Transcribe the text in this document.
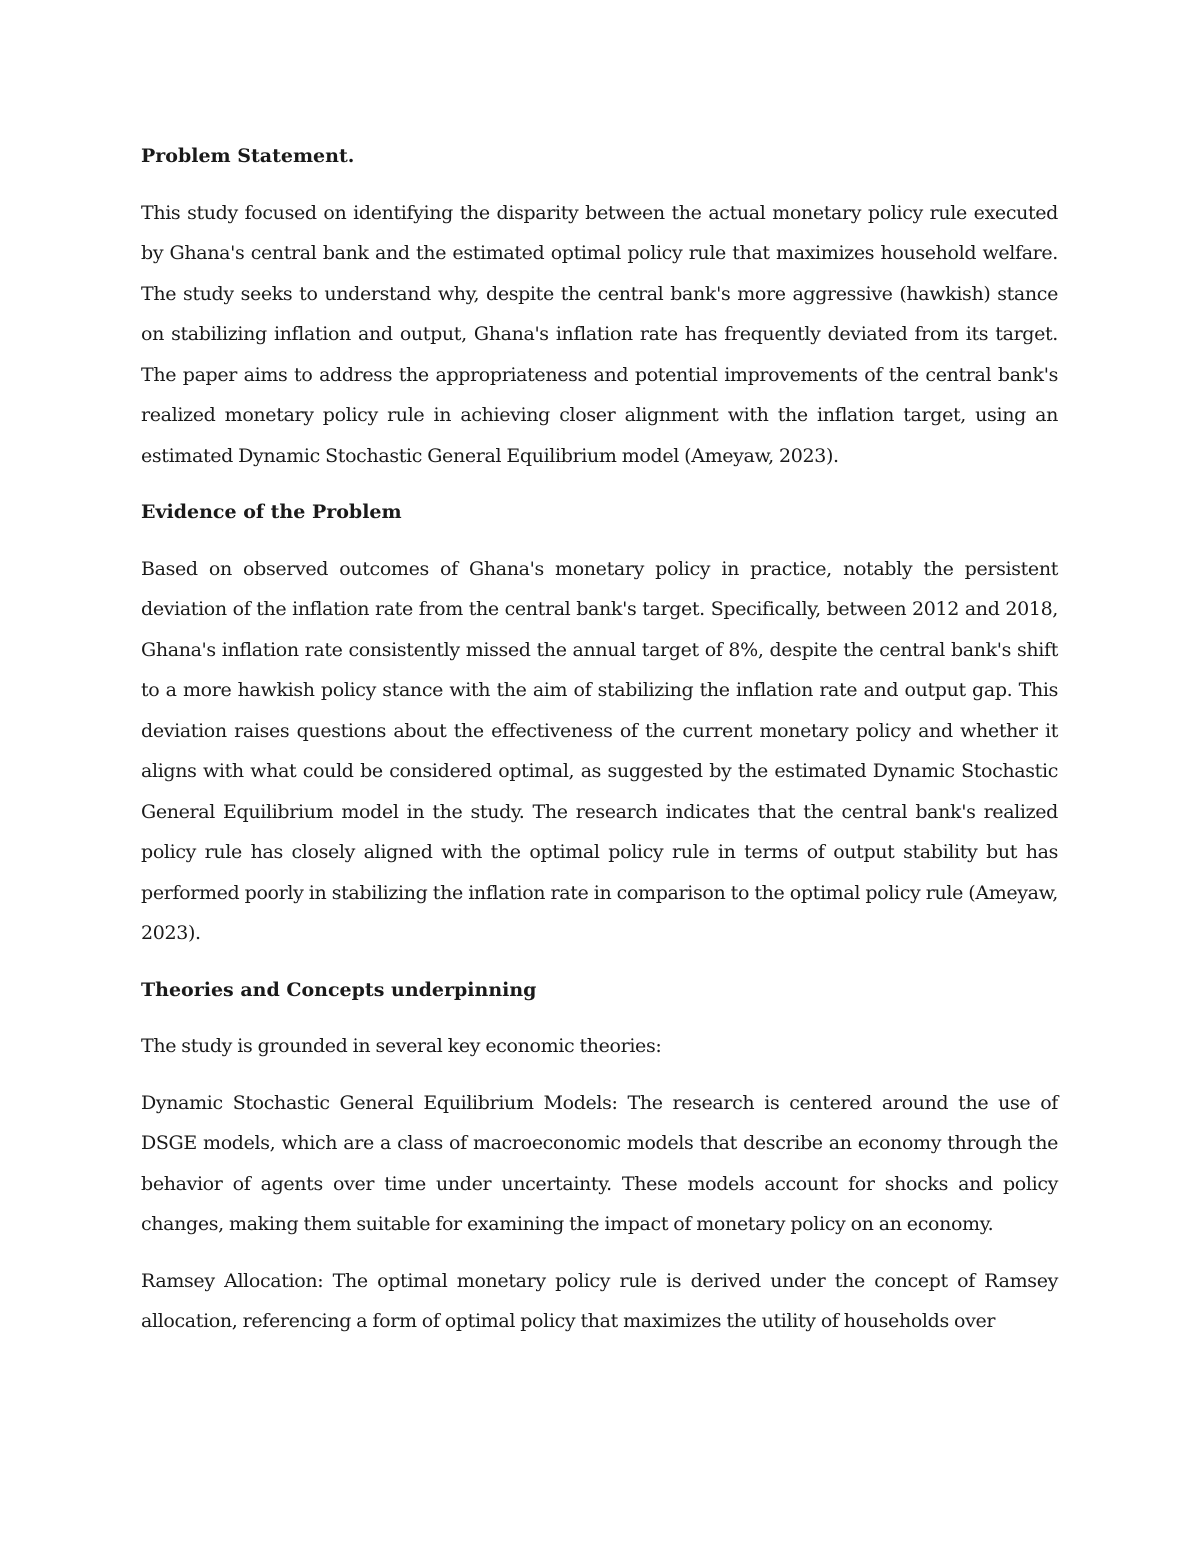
Problem Statement.
This study focused on identifying the disparity between the actual monetary policy rule executed by Ghana's central bank and the estimated optimal policy rule that maximizes household welfare. The study seeks to understand why, despite the central bank's more aggressive (hawkish) stance on stabilizing inflation and output, Ghana's inflation rate has frequently deviated from its target. The paper aims to address the appropriateness and potential improvements of the central bank's realized monetary policy rule in achieving closer alignment with the inflation target, using an estimated Dynamic Stochastic General Equilibrium model (Ameyaw, 2023).
Evidence of the Problem
Based on observed outcomes of Ghana's monetary policy in practice, notably the persistent deviation of the inflation rate from the central bank's target. Specifically, between 2012 and 2018, Ghana's inflation rate consistently missed the annual target of 8%, despite the central bank's shift to a more hawkish policy stance with the aim of stabilizing the inflation rate and output gap. This deviation raises questions about the effectiveness of the current monetary policy and whether it aligns with what could be considered optimal, as suggested by the estimated Dynamic Stochastic General Equilibrium model in the study. The research indicates that the central bank's realized policy rule has closely aligned with the optimal policy rule in terms of output stability but has performed poorly in stabilizing the inflation rate in comparison to the optimal policy rule (Ameyaw, 2023).
Theories and Concepts underpinning
The study is grounded in several key economic theories:
Dynamic Stochastic General Equilibrium Models: The research is centered around the use of DSGE models, which are a class of macroeconomic models that describe an economy through the behavior of agents over time under uncertainty. These models account for shocks and policy changes, making them suitable for examining the impact of monetary policy on an economy.
Ramsey Allocation: The optimal monetary policy rule is derived under the concept of Ramsey allocation, referencing a form of optimal policy that maximizes the utility of households over
